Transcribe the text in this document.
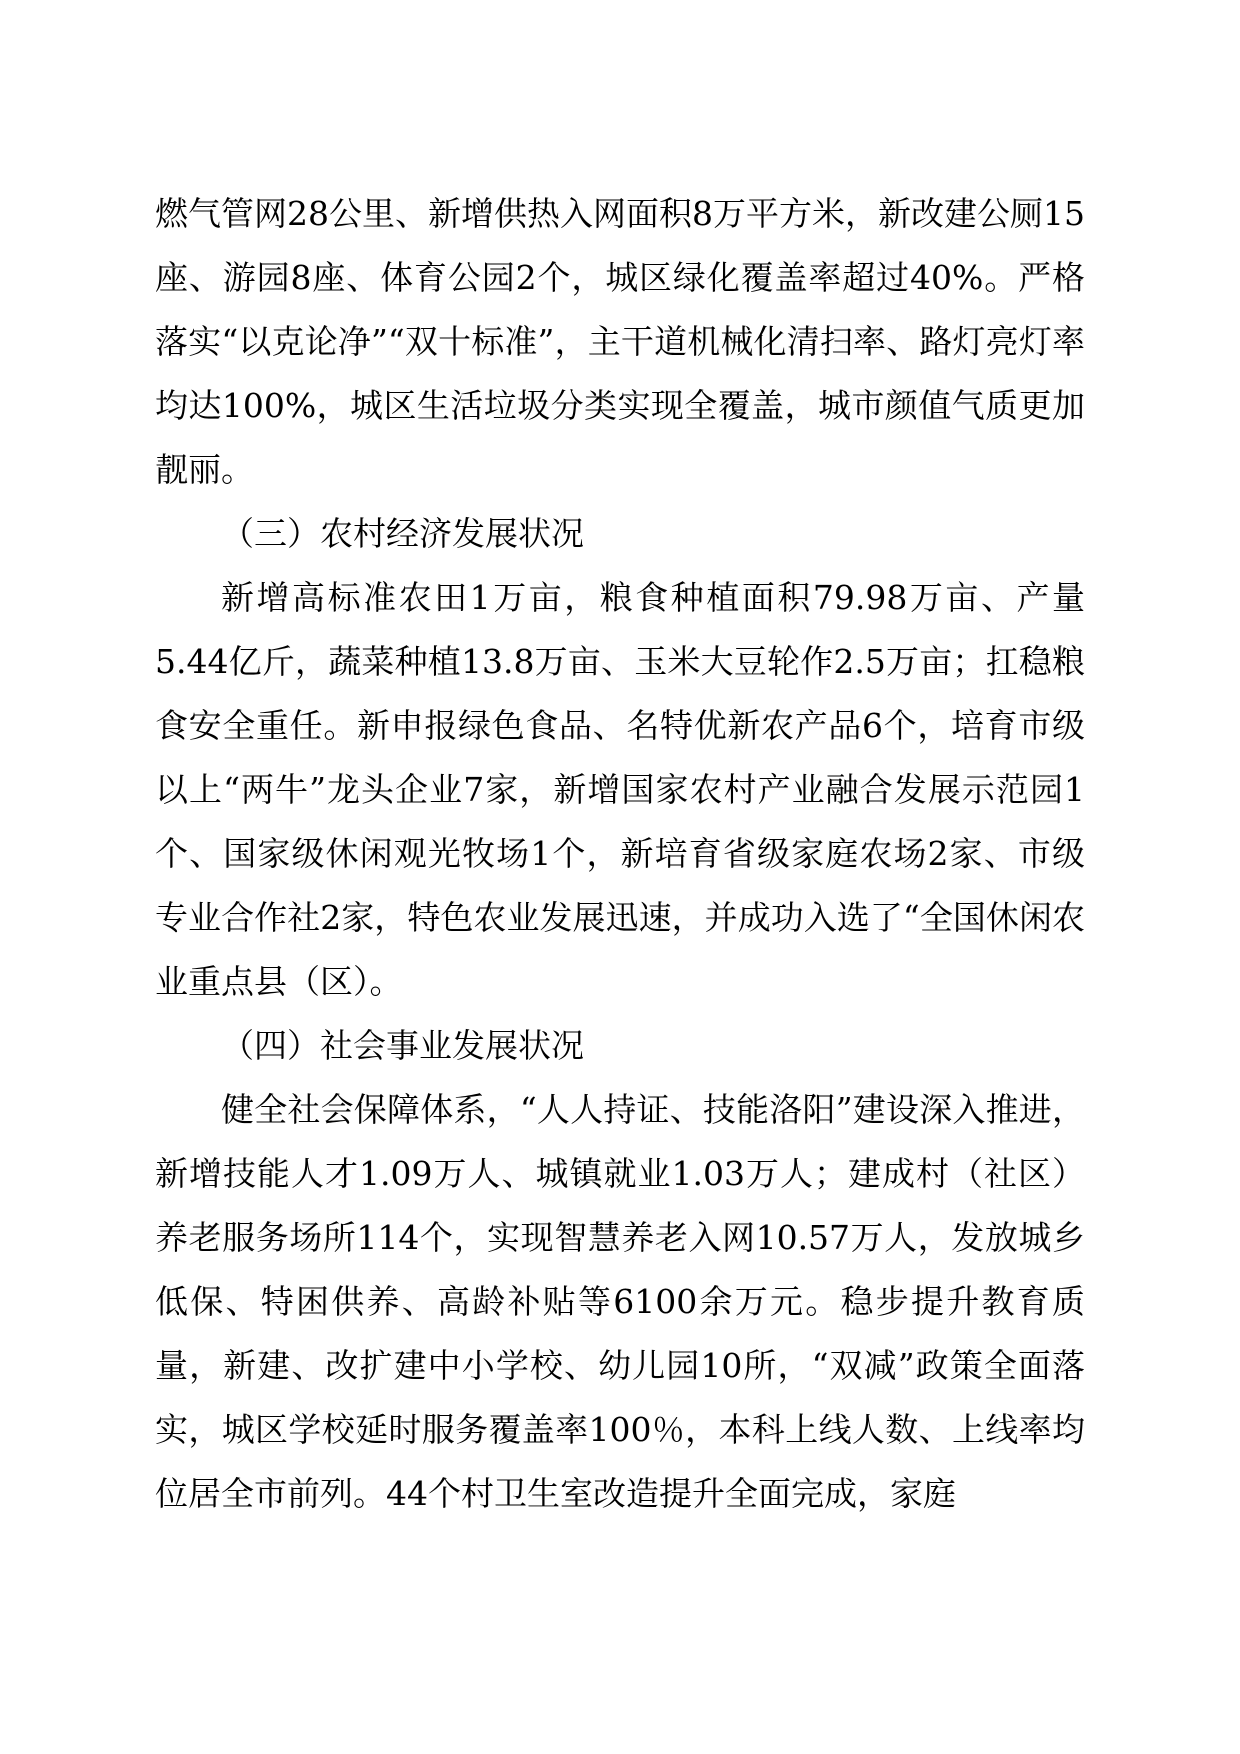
燃气管网28公里、新增供热入网面积8万平方米，新改建公厕15座、游园8座、体育公园2个，城区绿化覆盖率超过40%。严格落实“以克论净”“双十标准”，主干道机械化清扫率、路灯亮灯率均达100%，城区生活垃圾分类实现全覆盖，城市颜值气质更加靓丽。

（三）农村经济发展状况

新增高标准农田1万亩，粮食种植面积79.98万亩、产量5.44亿斤，蔬菜种植13.8万亩、玉米大豆轮作2.5万亩；扛稳粮食安全重任。新申报绿色食品、名特优新农产品6个，培育市级以上“两牛”龙头企业7家，新增国家农村产业融合发展示范园1个、国家级休闲观光牧场1个，新培育省级家庭农场2家、市级专业合作社2家，特色农业发展迅速，并成功入选了“全国休闲农业重点县（区）。

（四）社会事业发展状况

健全社会保障体系，“人人持证、技能洛阳”建设深入推进，新增技能人才1.09万人、城镇就业1.03万人；建成村（社区）养老服务场所114个，实现智慧养老入网10.57万人，发放城乡低保、特困供养、高龄补贴等6100余万元。稳步提升教育质量，新建、改扩建中小学校、幼儿园10所，“双减”政策全面落实，城区学校延时服务覆盖率100％，本科上线人数、上线率均位居全市前列。44个村卫生室改造提升全面完成，家庭
